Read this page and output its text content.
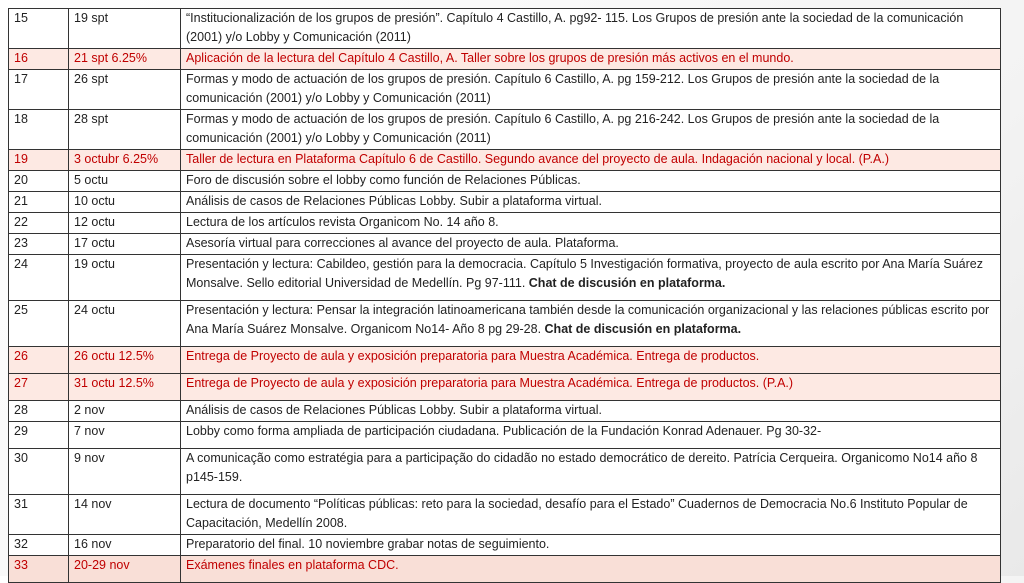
15	19 spt	“Institucionalización de los grupos de presión”. Capítulo 4 Castillo, A. pg92- 115. Los Grupos de presión ante la sociedad de la comunicación (2001) y/o Lobby y Comunicación (2011)
16	21 spt 6.25%	Aplicación de la lectura del Capítulo 4 Castillo, A. Taller sobre los grupos de presión más activos en el mundo.
17	26 spt	Formas y modo de actuación de los grupos de presión. Capítulo 6 Castillo, A. pg 159-212. Los Grupos de presión ante la sociedad de la comunicación (2001) y/o Lobby y Comunicación (2011)
18	28 spt	Formas y modo de actuación de los grupos de presión. Capítulo 6 Castillo, A. pg 216-242. Los Grupos de presión ante la sociedad de la comunicación (2001) y/o Lobby y Comunicación (2011)
19	3 octubr 6.25%	Taller de lectura en Plataforma Capítulo 6 de Castillo. Segundo avance del proyecto de aula. Indagación nacional y local. (P.A.)
20	5 octu	Foro de discusión sobre el lobby como función de Relaciones Públicas.
21	10 octu	Análisis de casos de Relaciones Públicas Lobby. Subir a plataforma virtual.
22	12 octu	Lectura de los artículos revista Organicom No. 14 año 8.
23	17 octu	Asesoría virtual para correcciones al avance del proyecto de aula. Plataforma.
24	19 octu	Presentación y lectura: Cabildeo, gestión para la democracia. Capítulo 5 Investigación formativa, proyecto de aula escrito por Ana María Suárez Monsalve. Sello editorial Universidad de Medellín. Pg 97-111. Chat de discusión en plataforma.
25	24 octu	Presentación y lectura: Pensar la integración latinoamericana también desde la comunicación organizacional y las relaciones públicas escrito por Ana María Suárez Monsalve. Organicom No14- Año 8 pg 29-28. Chat de discusión en plataforma.
26	26 octu 12.5%	Entrega de Proyecto de aula y exposición preparatoria para Muestra Académica. Entrega de productos.
27	31 octu 12.5%	Entrega de Proyecto de aula y exposición preparatoria para Muestra Académica. Entrega de productos. (P.A.)
28	2 nov	Análisis de casos de Relaciones Públicas Lobby. Subir a plataforma virtual.
29	7 nov	Lobby como forma ampliada de participación ciudadana. Publicación de la Fundación Konrad Adenauer. Pg 30-32-
30	9 nov	A comunicação como estratégia para a participação do cidadão no estado democrático de dereito. Patrícia Cerqueira. Organicomo No14 año 8 p145-159.
31	14 nov	Lectura de documento “Políticas públicas: reto para la sociedad, desafío para el Estado” Cuadernos de Democracia No.6 Instituto Popular de Capacitación, Medellín 2008.
32	16 nov	Preparatorio del final. 10 noviembre grabar notas de seguimiento.
33	20-29 nov	Exámenes finales en plataforma CDC.
